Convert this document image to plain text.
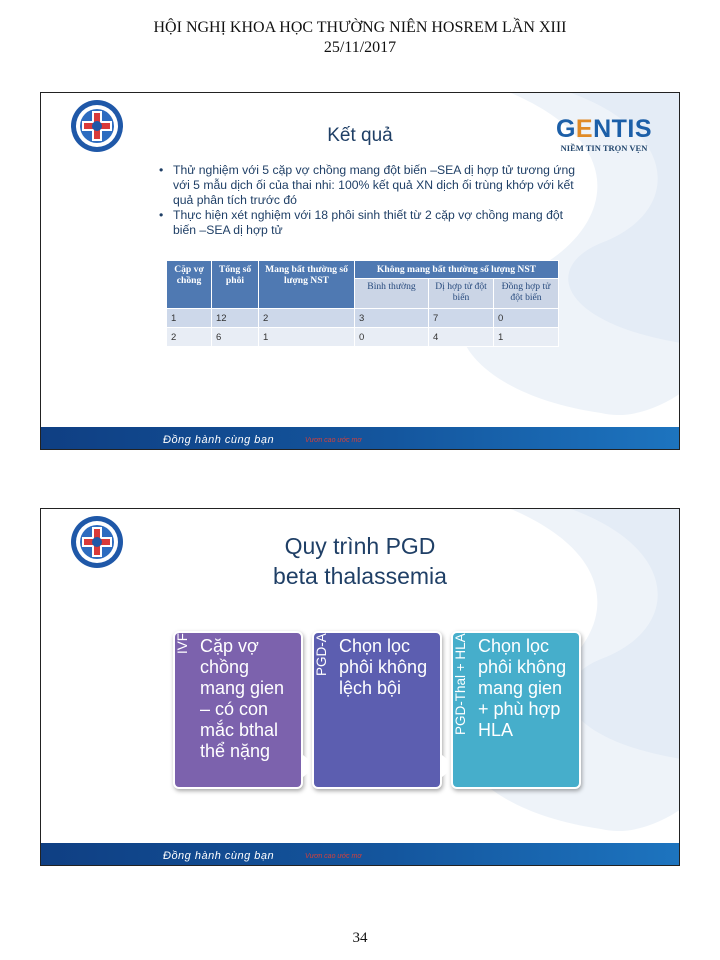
HỘI NGHỊ KHOA HỌC THƯỜNG NIÊN HOSREM LẦN XIII
25/11/2017
Kết quả	GENTIS
NIỀM TIN TRỌN VẸN
• Thử nghiệm với 5 cặp vợ chồng mang đột biến –SEA dị hợp tử tương ứng với 5 mẫu dịch ối của thai nhi: 100% kết quả XN dịch ối trùng khớp với kết quả phân tích trước đó
• Thực hiện xét nghiệm với 18 phôi sinh thiết từ 2 cặp vợ chồng mang đột biến –SEA dị hợp tử
Cặp vợ chồng	Tổng số phôi	Mang bất thường số lượng NST	Không mang bất thường số lượng NST		
			Bình thường	Dị hợp tử đột biến	Đồng hợp tử đột biến
1	12	2	3	7	0
2	6	1	0	4	1
Đồng hành cùng bạn	Vươn cao ước mơ
Quy trình PGD
beta thalassemia
IVF Cặp vợ chồng mang gien – có con mắc bthal thể nặng
PGD-A Chọn lọc phôi không lệch bội	PGD-Thal + HLA Chọn lọc phôi không mang gien + phù hợp HLA
Đồng hành cùng bạn	Vươn cao ước mơ
34
